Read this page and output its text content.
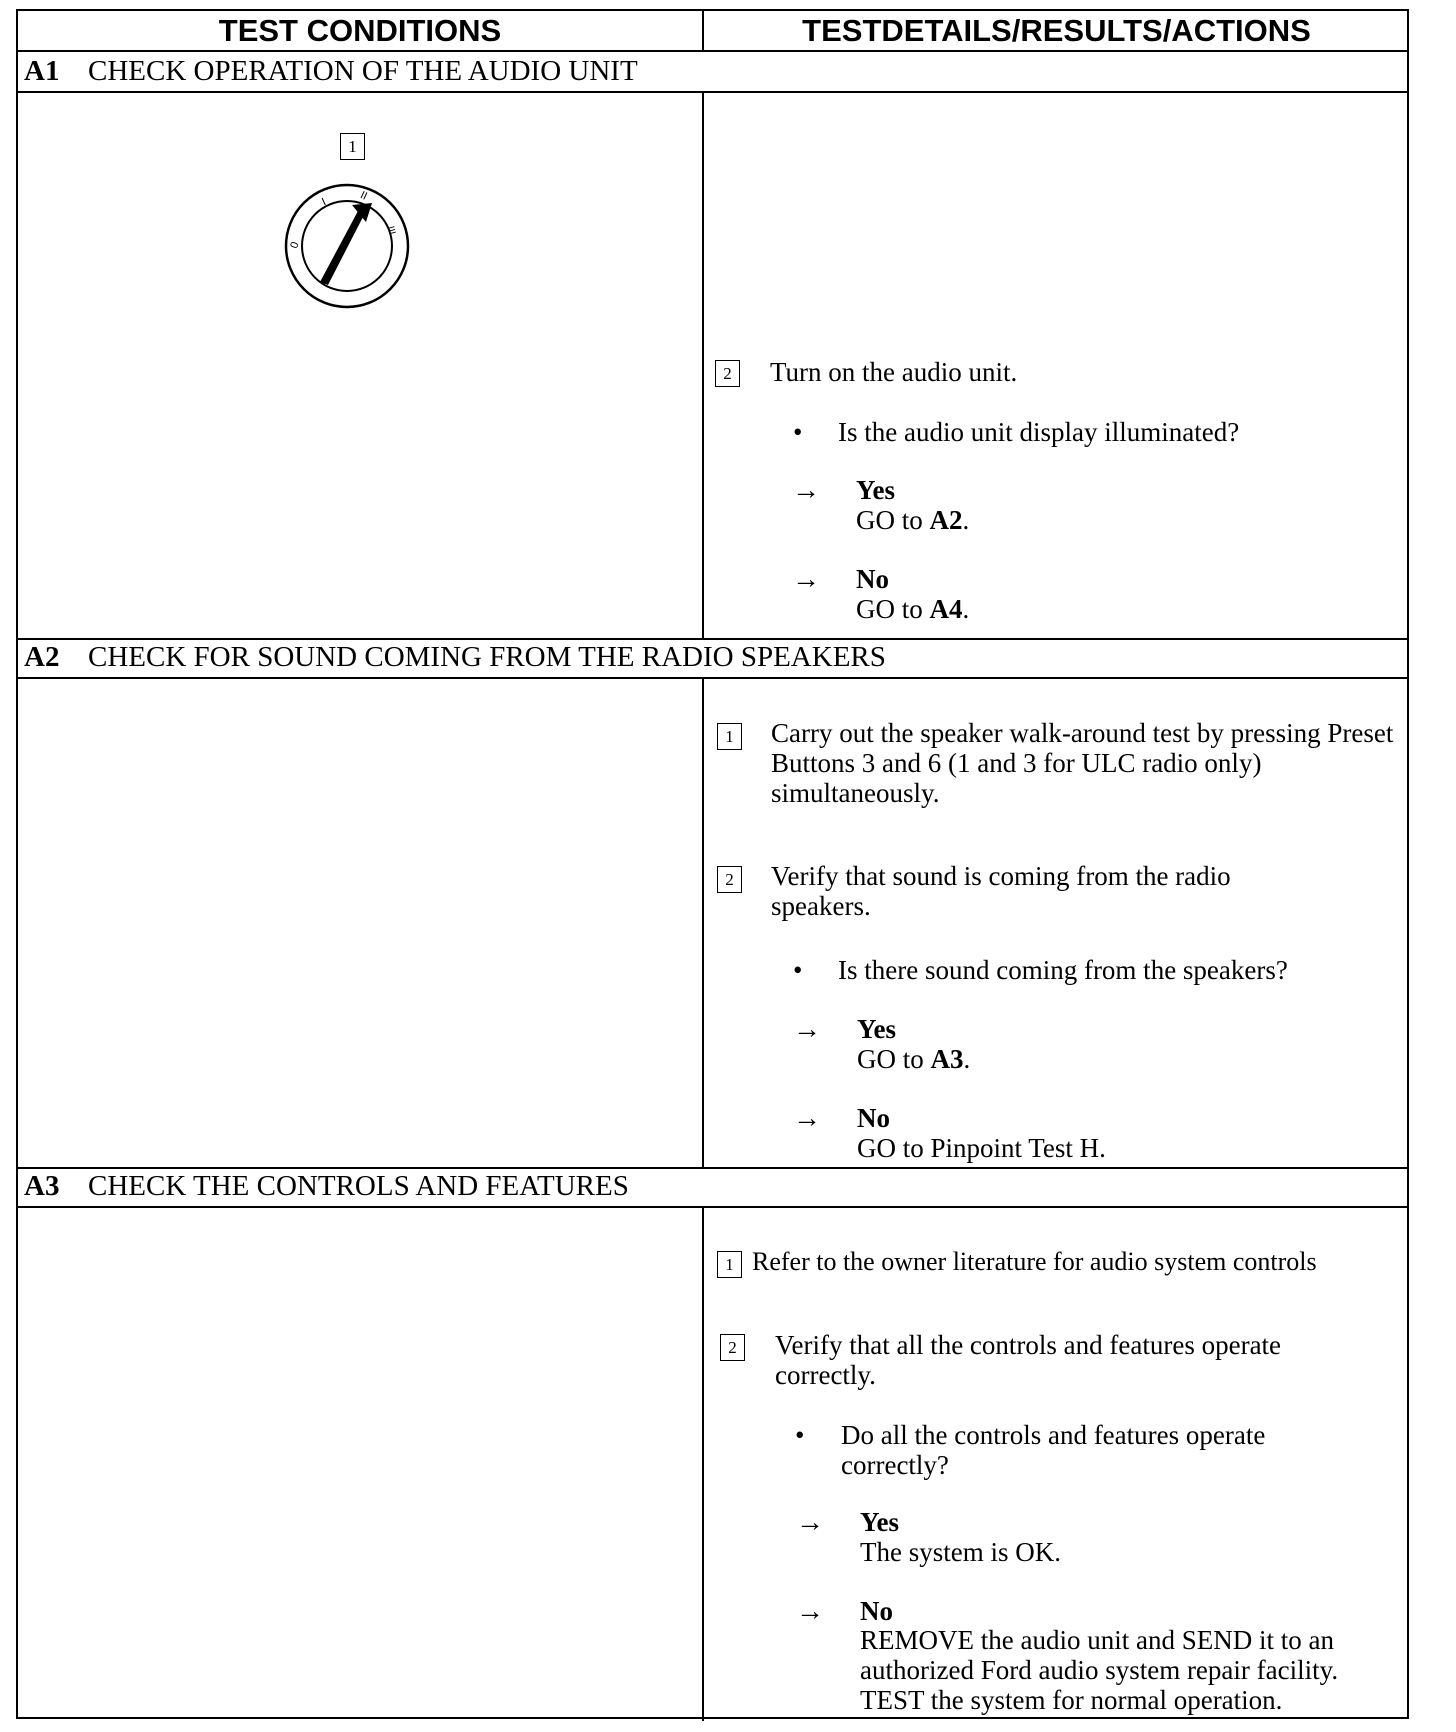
TEST CONDITIONS	TESTDETAILS/RESULTS/ACTIONS
A1 CHECK OPERATION OF THE AUDIO UNIT
1
0
I	II
III
2	Turn on the audio unit.
• Is the audio unit display illuminated?
→ Yes
GO to A2.
→ No
GO to A4.
A2 CHECK FOR SOUND COMING FROM THE RADIO SPEAKERS
1	Carry out the speaker walk-around test by pressing Preset Buttons 3 and 6 (1 and 3 for ULC radio only) simultaneously.
2	Verify that sound is coming from the radio speakers.
• Is there sound coming from the speakers?
→ Yes
GO to A3.
→ No
GO to Pinpoint Test H.
A3 CHECK THE CONTROLS AND FEATURES
1 Refer to the owner literature for audio system controls
2	Verify that all the controls and features operate correctly.
• Do all the controls and features operate correctly?
→ Yes
The system is OK.
→ No
REMOVE the audio unit and SEND it to an authorized Ford audio system repair facility. TEST the system for normal operation.
